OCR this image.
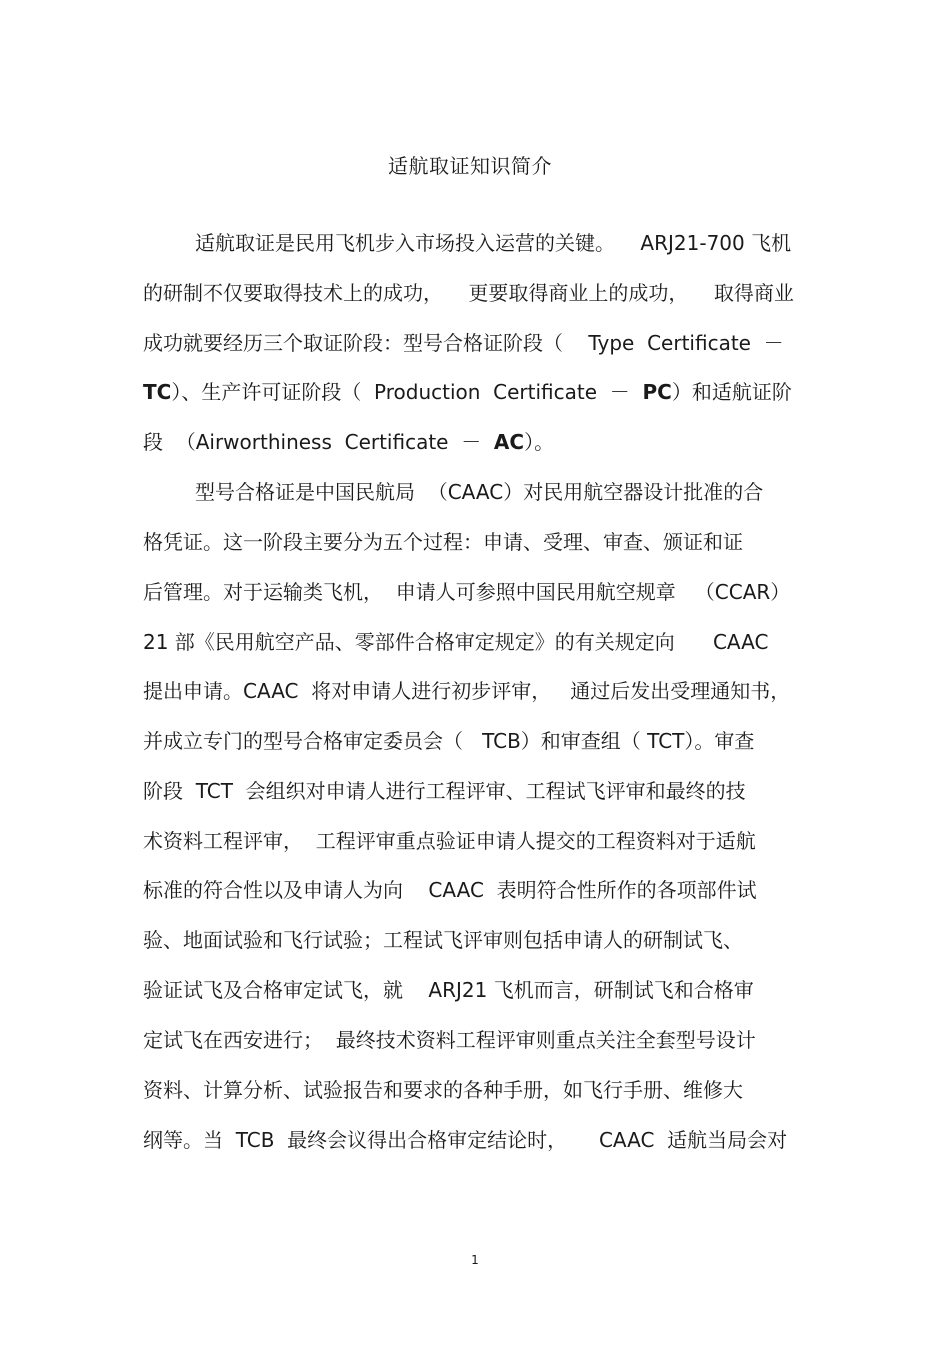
适航取证知识简介
适航取证是民用飞机步入市场投入运营的关键。    ARJ21-700 飞机
的研制不仅要取得技术上的成功，    更要取得商业上的成功，    取得商业
成功就要经历三个取证阶段：型号合格证阶段（    Type  Certificate  －
TC）、生产许可证阶段（  Production  Certificate  －  PC）和适航证阶
段  （Airworthiness  Certificate  －  AC）。
型号合格证是中国民航局  （CAAC）对民用航空器设计批准的合
格凭证。这一阶段主要分为五个过程：申请、受理、审查、颁证和证
后管理。对于运输类飞机，  申请人可参照中国民用航空规章   （CCAR）
21 部《民用航空产品、零部件合格审定规定》的有关规定向      CAAC
提出申请。CAAC  将对申请人进行初步评审，   通过后发出受理通知书，
并成立专门的型号合格审定委员会（   TCB）和审查组（ TCT）。审查
阶段  TCT  会组织对申请人进行工程评审、工程试飞评审和最终的技
术资料工程评审，  工程评审重点验证申请人提交的工程资料对于适航
标准的符合性以及申请人为向    CAAC  表明符合性所作的各项部件试
验、地面试验和飞行试验；工程试飞评审则包括申请人的研制试飞、
验证试飞及合格审定试飞，就    ARJ21 飞机而言，研制试飞和合格审
定试飞在西安进行；  最终技术资料工程评审则重点关注全套型号设计
资料、计算分析、试验报告和要求的各种手册，如飞行手册、维修大
纲等。当  TCB  最终会议得出合格审定结论时，     CAAC  适航当局会对
1
